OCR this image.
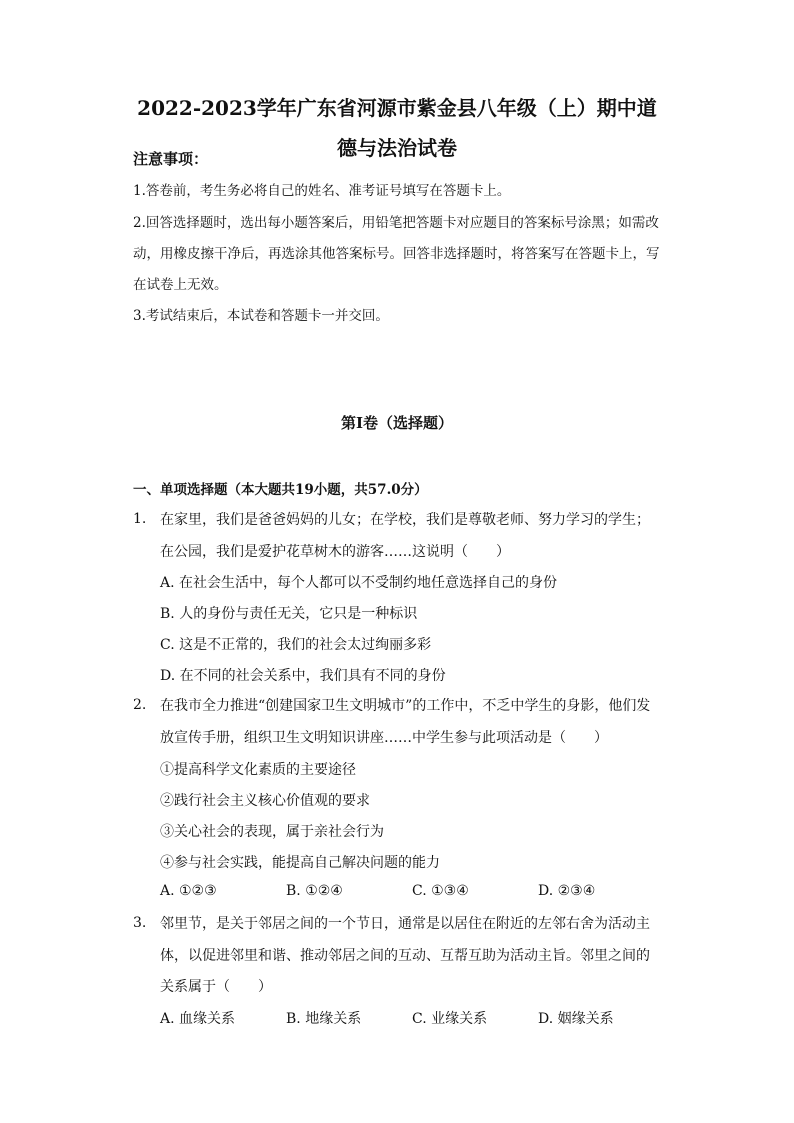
2022-2023学年广东省河源市紫金县八年级（上）期中道
德与法治试卷
注意事项：
1.答卷前，考生务必将自己的姓名、准考证号填写在答题卡上。
2.回答选择题时，选出每小题答案后，用铅笔把答题卡对应题目的答案标号涂黑；如需改动，用橡皮擦干净后，再选涂其他答案标号。回答非选择题时，将答案写在答题卡上，写在试卷上无效。
3.考试结束后，本试卷和答题卡一并交回。
第Ⅰ卷（选择题）
一、单项选择题（本大题共19小题，共57.0分）
1. 在家里，我们是爸爸妈妈的儿女；在学校，我们是尊敬老师、努力学习的学生；在公园，我们是爱护花草树木的游客……这说明（　　）
A. 在社会生活中，每个人都可以不受制约地任意选择自己的身份
B. 人的身份与责任无关，它只是一种标识
C. 这是不正常的，我们的社会太过绚丽多彩
D. 在不同的社会关系中，我们具有不同的身份
2. 在我市全力推进“创建国家卫生文明城市”的工作中，不乏中学生的身影，他们发放宣传手册，组织卫生文明知识讲座……中学生参与此项活动是（　　）
①提高科学文化素质的主要途径
②践行社会主义核心价值观的要求
③关心社会的表现，属于亲社会行为
④参与社会实践，能提高自己解决问题的能力
A. ①②③	B. ①②④	C. ①③④	D. ②③④
3. 邻里节，是关于邻居之间的一个节日，通常是以居住在附近的左邻右舍为活动主体，以促进邻里和谐、推动邻居之间的互动、互帮互助为活动主旨。邻里之间的关系属于（　　）
A. 血缘关系	B. 地缘关系	C. 业缘关系	D. 姻缘关系
